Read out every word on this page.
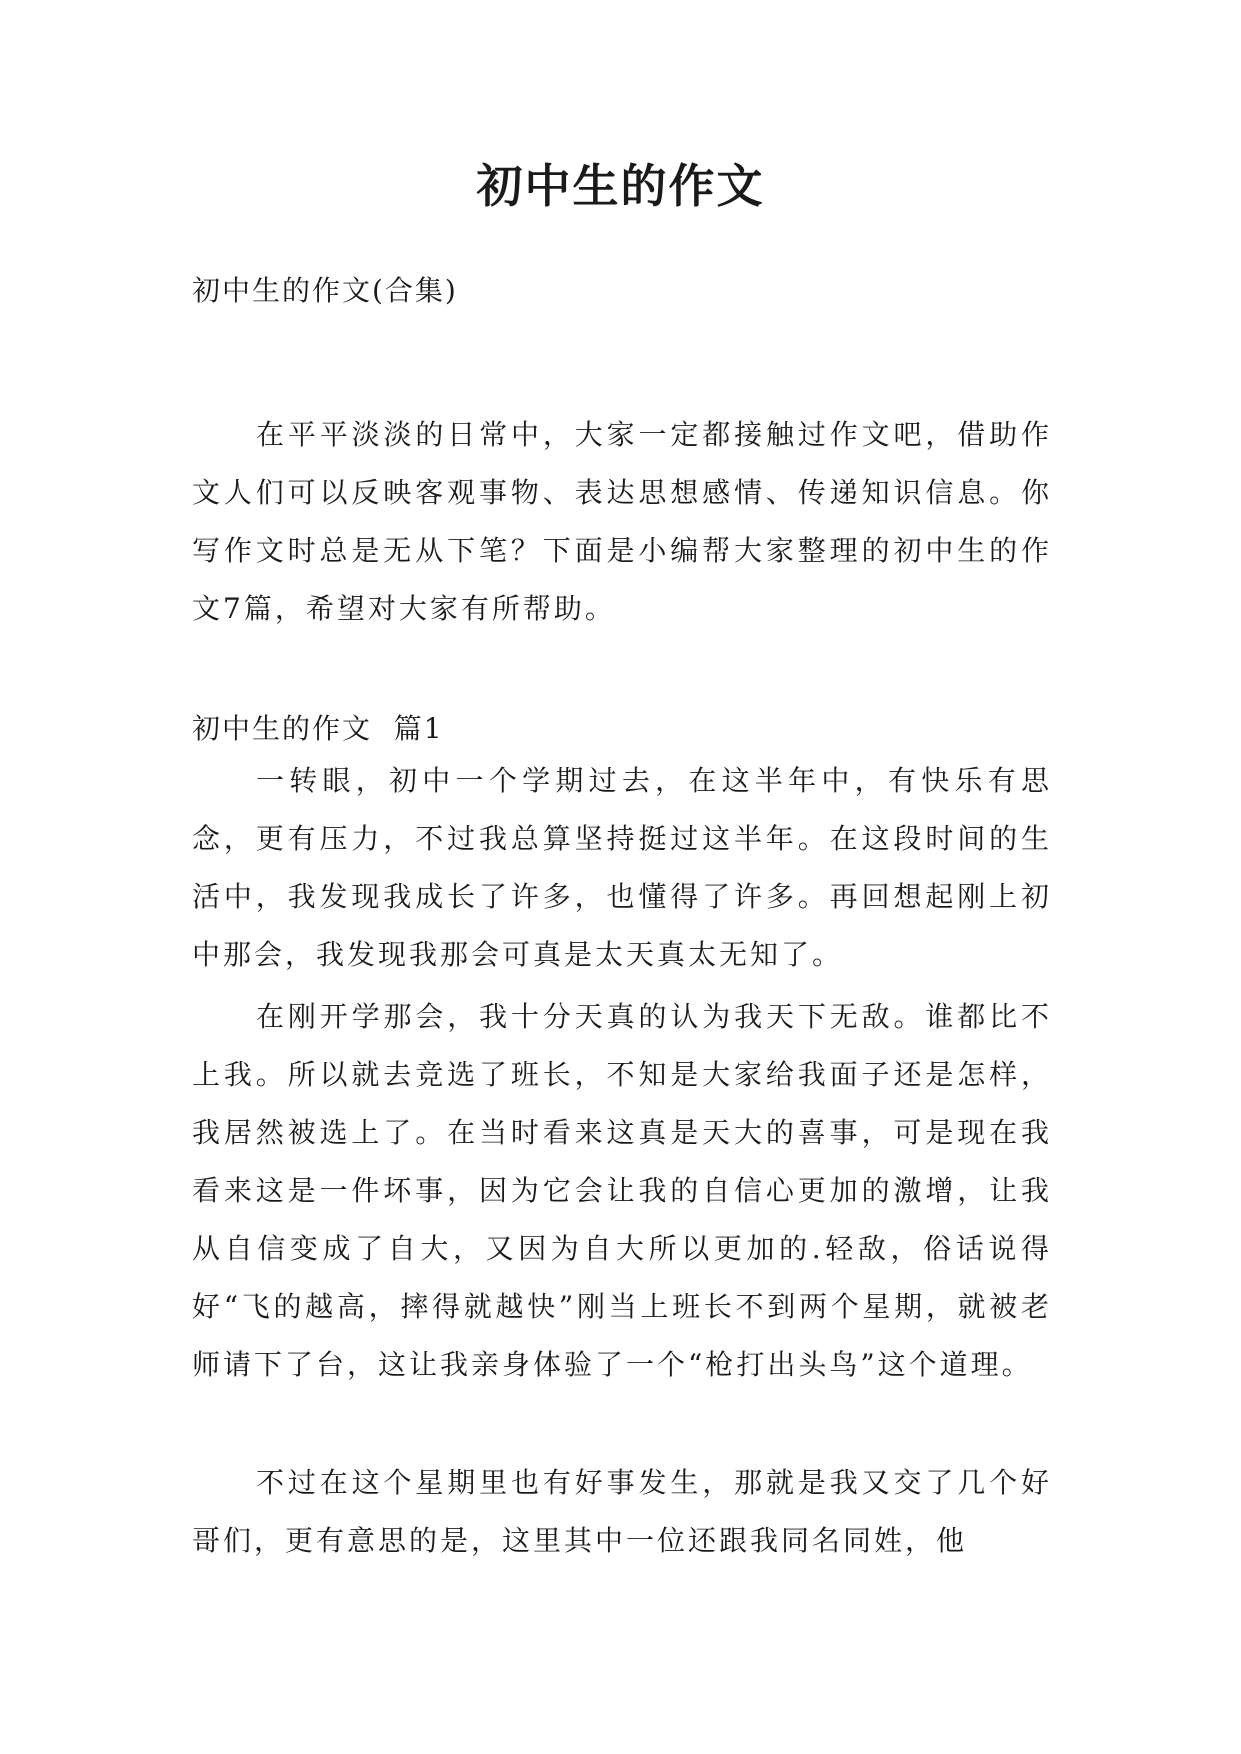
初中生的作文

初中生的作文(合集)

在平平淡淡的日常中，大家一定都接触过作文吧，借助作文人们可以反映客观事物、表达思想感情、传递知识信息。你写作文时总是无从下笔？下面是小编帮大家整理的初中生的作文7篇，希望对大家有所帮助。

初中生的作文  篇1

一转眼，初中一个学期过去，在这半年中，有快乐有思念，更有压力，不过我总算坚持挺过这半年。在这段时间的生活中，我发现我成长了许多，也懂得了许多。再回想起刚上初中那会，我发现我那会可真是太天真太无知了。

在刚开学那会，我十分天真的认为我天下无敌。谁都比不上我。所以就去竞选了班长，不知是大家给我面子还是怎样，我居然被选上了。在当时看来这真是天大的喜事，可是现在我看来这是一件坏事，因为它会让我的自信心更加的激增，让我从自信变成了自大，又因为自大所以更加的.轻敌，俗话说得好“飞的越高，摔得就越快”刚当上班长不到两个星期，就被老师请下了台，这让我亲身体验了一个“枪打出头鸟”这个道理。

不过在这个星期里也有好事发生，那就是我又交了几个好哥们，更有意思的是，这里其中一位还跟我同名同姓，他
